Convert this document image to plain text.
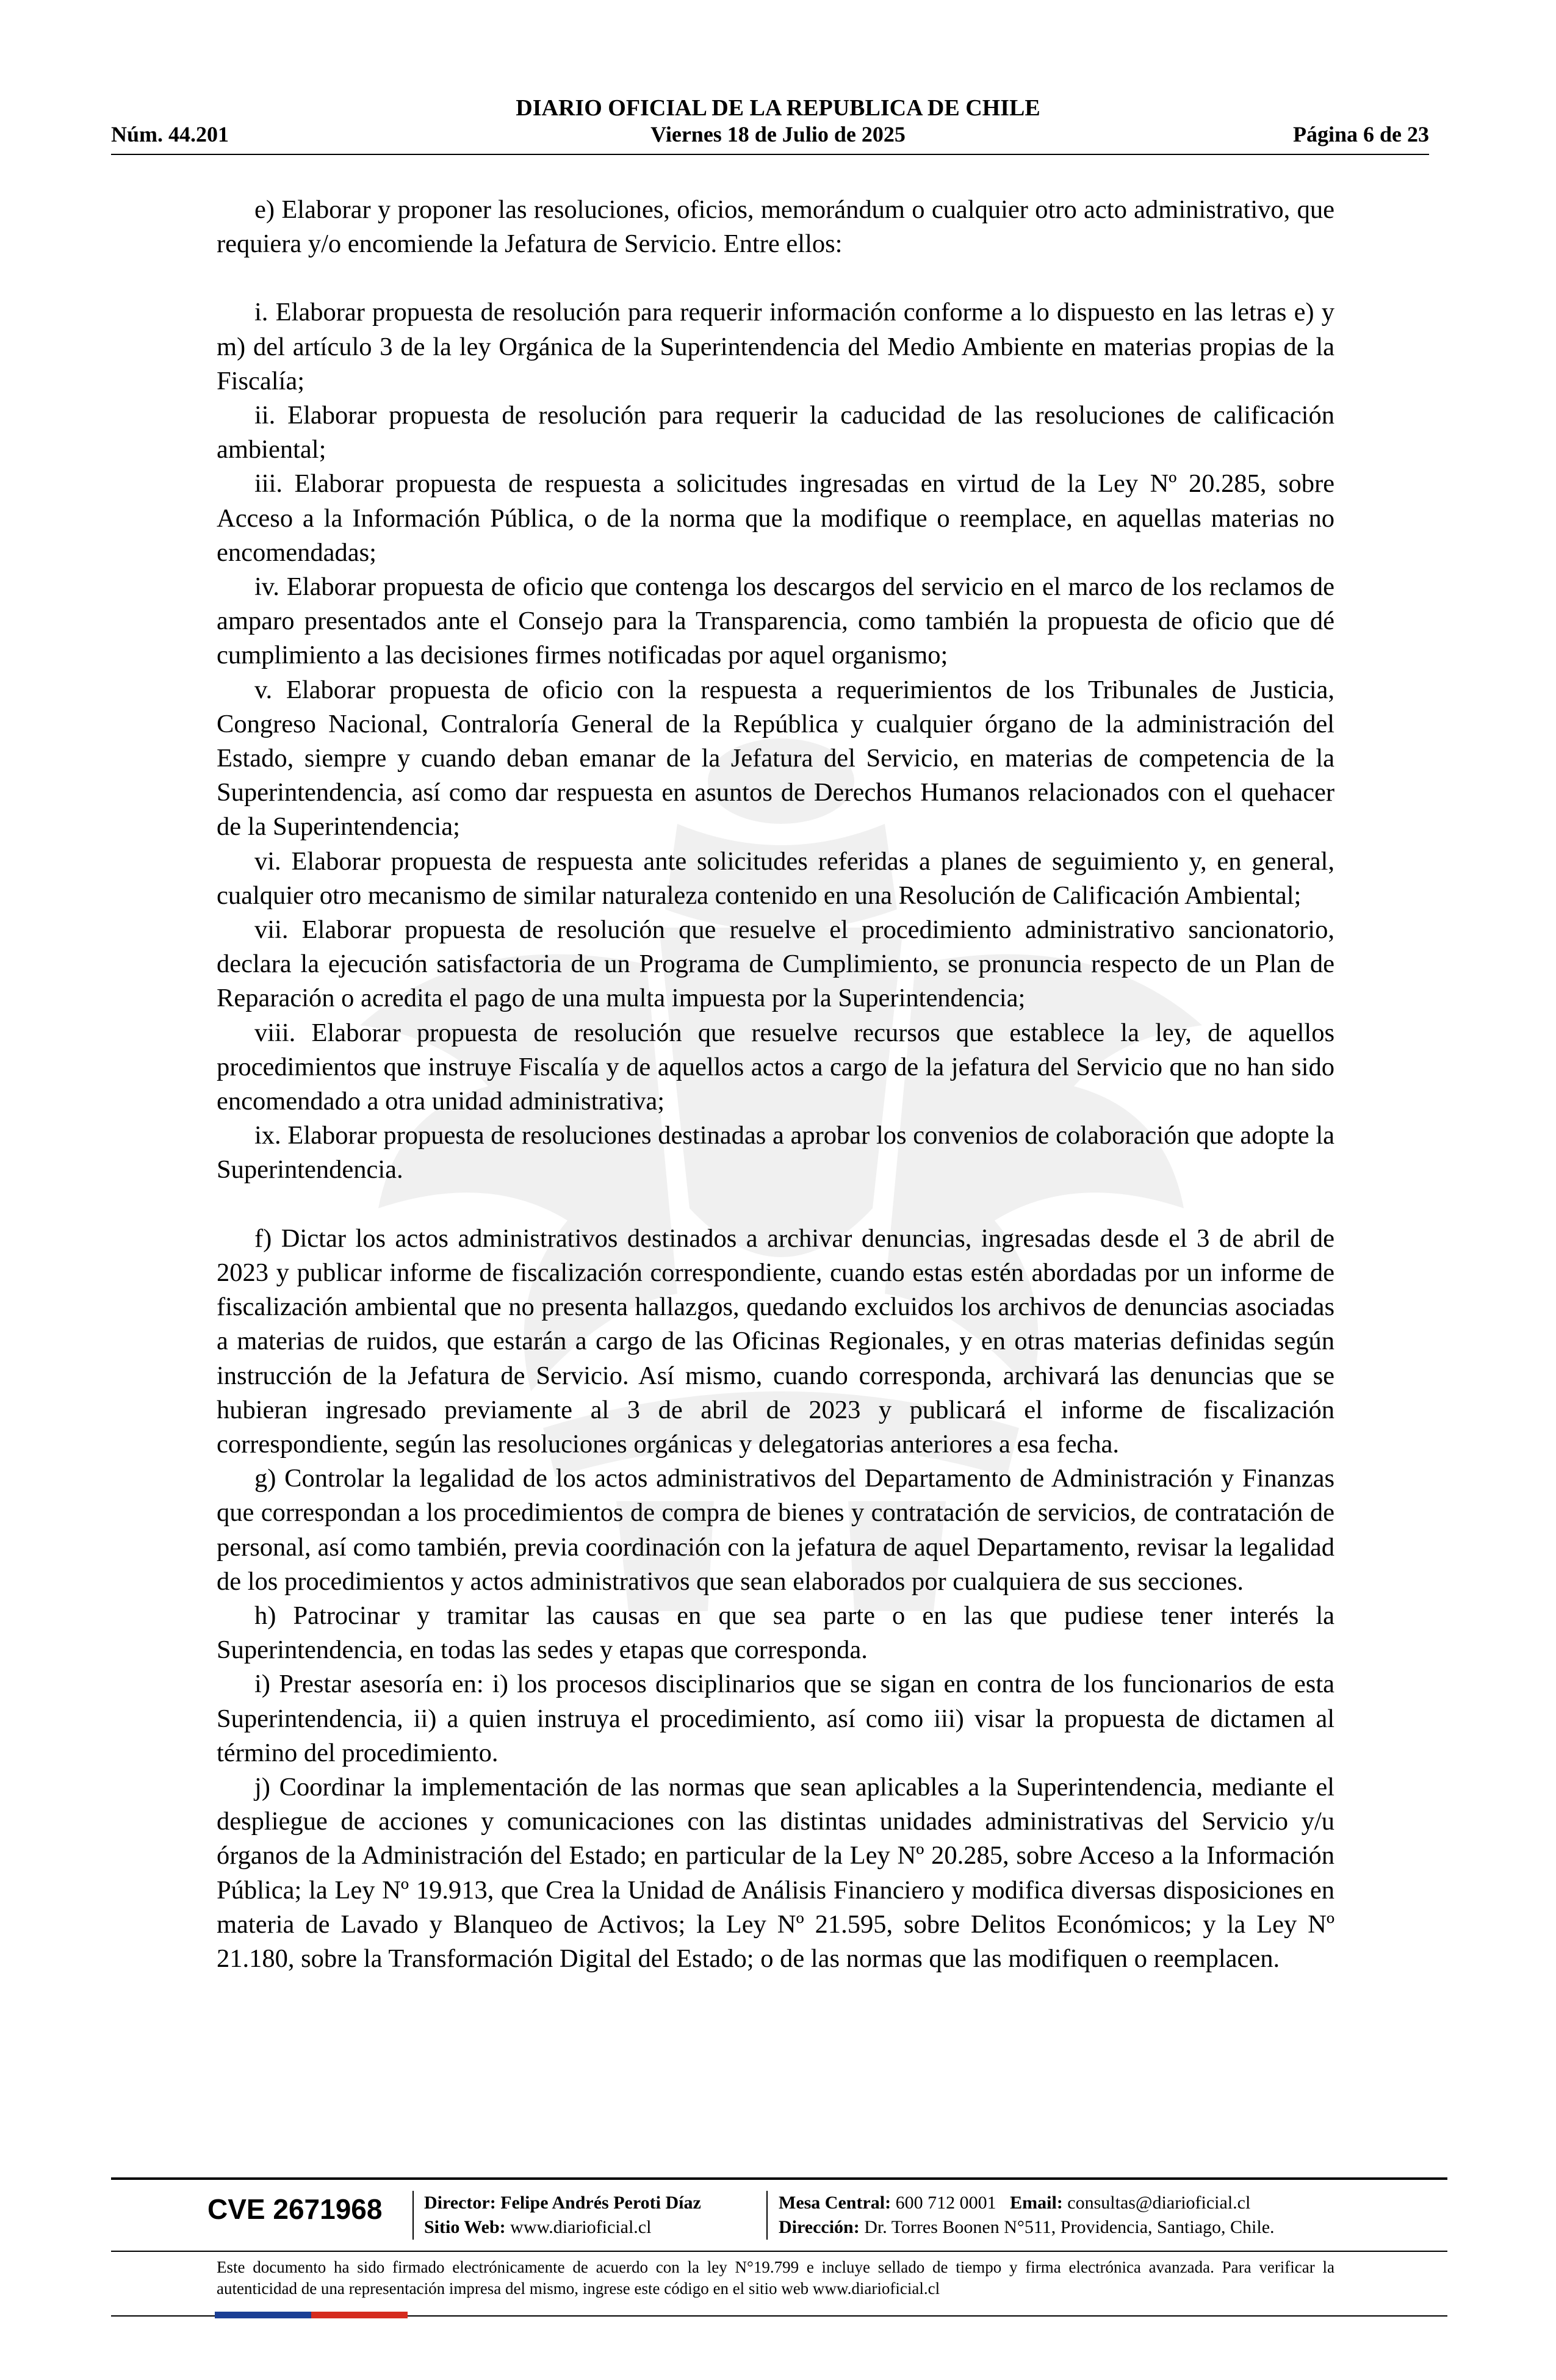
DIARIO OFICIAL DE LA REPUBLICA DE CHILE
Núm. 44.201	Viernes 18 de Julio de 2025	Página 6 de 23

e) Elaborar y proponer las resoluciones, oficios, memorándum o cualquier otro acto administrativo, que requiera y/o encomiende la Jefatura de Servicio. Entre ellos:

i. Elaborar propuesta de resolución para requerir información conforme a lo dispuesto en las letras e) y m) del artículo 3 de la ley Orgánica de la Superintendencia del Medio Ambiente en materias propias de la Fiscalía;

ii. Elaborar propuesta de resolución para requerir la caducidad de las resoluciones de calificación ambiental;

iii. Elaborar propuesta de respuesta a solicitudes ingresadas en virtud de la Ley Nº 20.285, sobre Acceso a la Información Pública, o de la norma que la modifique o reemplace, en aquellas materias no encomendadas;

iv. Elaborar propuesta de oficio que contenga los descargos del servicio en el marco de los reclamos de amparo presentados ante el Consejo para la Transparencia, como también la propuesta de oficio que dé cumplimiento a las decisiones firmes notificadas por aquel organismo;

v. Elaborar propuesta de oficio con la respuesta a requerimientos de los Tribunales de Justicia, Congreso Nacional, Contraloría General de la República y cualquier órgano de la administración del Estado, siempre y cuando deban emanar de la Jefatura del Servicio, en materias de competencia de la Superintendencia, así como dar respuesta en asuntos de Derechos Humanos relacionados con el quehacer de la Superintendencia;

vi. Elaborar propuesta de respuesta ante solicitudes referidas a planes de seguimiento y, en general, cualquier otro mecanismo de similar naturaleza contenido en una Resolución de Calificación Ambiental;

vii. Elaborar propuesta de resolución que resuelve el procedimiento administrativo sancionatorio, declara la ejecución satisfactoria de un Programa de Cumplimiento, se pronuncia respecto de un Plan de Reparación o acredita el pago de una multa impuesta por la Superintendencia;

viii. Elaborar propuesta de resolución que resuelve recursos que establece la ley, de aquellos procedimientos que instruye Fiscalía y de aquellos actos a cargo de la jefatura del Servicio que no han sido encomendado a otra unidad administrativa;

ix. Elaborar propuesta de resoluciones destinadas a aprobar los convenios de colaboración que adopte la Superintendencia.

f) Dictar los actos administrativos destinados a archivar denuncias, ingresadas desde el 3 de abril de 2023 y publicar informe de fiscalización correspondiente, cuando estas estén abordadas por un informe de fiscalización ambiental que no presenta hallazgos, quedando excluidos los archivos de denuncias asociadas a materias de ruidos, que estarán a cargo de las Oficinas Regionales, y en otras materias definidas según instrucción de la Jefatura de Servicio. Así mismo, cuando corresponda, archivará las denuncias que se hubieran ingresado previamente al 3 de abril de 2023 y publicará el informe de fiscalización correspondiente, según las resoluciones orgánicas y delegatorias anteriores a esa fecha.

g) Controlar la legalidad de los actos administrativos del Departamento de Administración y Finanzas que correspondan a los procedimientos de compra de bienes y contratación de servicios, de contratación de personal, así como también, previa coordinación con la jefatura de aquel Departamento, revisar la legalidad de los procedimientos y actos administrativos que sean elaborados por cualquiera de sus secciones.

h) Patrocinar y tramitar las causas en que sea parte o en las que pudiese tener interés la Superintendencia, en todas las sedes y etapas que corresponda.

i) Prestar asesoría en: i) los procesos disciplinarios que se sigan en contra de los funcionarios de esta Superintendencia, ii) a quien instruya el procedimiento, así como iii) visar la propuesta de dictamen al término del procedimiento.

j) Coordinar la implementación de las normas que sean aplicables a la Superintendencia, mediante el despliegue de acciones y comunicaciones con las distintas unidades administrativas del Servicio y/u órganos de la Administración del Estado; en particular de la Ley Nº 20.285, sobre Acceso a la Información Pública; la Ley Nº 19.913, que Crea la Unidad de Análisis Financiero y modifica diversas disposiciones en materia de Lavado y Blanqueo de Activos; la Ley Nº 21.595, sobre Delitos Económicos; y la Ley Nº 21.180, sobre la Transformación Digital del Estado; o de las normas que las modifiquen o reemplacen.

CVE 2671968 Director: Felipe Andrés Peroti Díaz
Sitio Web: www.diarioficial.cl
Mesa Central: 600 712 0001 Email: consultas@diarioficial.cl
Dirección: Dr. Torres Boonen N°511, Providencia, Santiago, Chile.
Este documento ha sido firmado electrónicamente de acuerdo con la ley N°19.799 e incluye sellado de tiempo y firma electrónica avanzada. Para verificar la autenticidad de una representación impresa del mismo, ingrese este código en el sitio web www.diarioficial.cl
